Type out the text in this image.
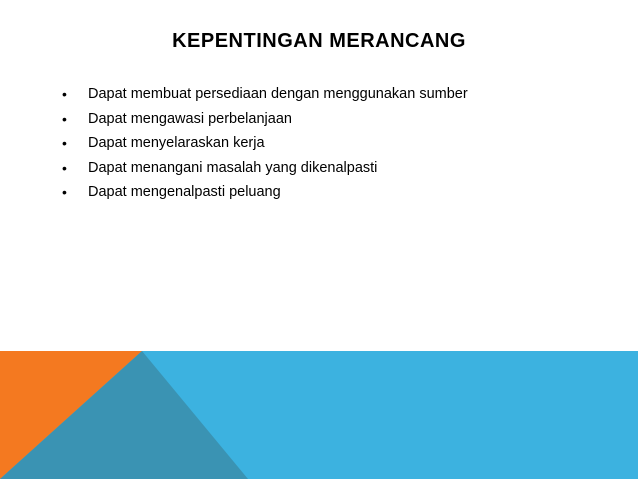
KEPENTINGAN MERANCANG
•	Dapat membuat persediaan dengan menggunakan sumber
•	Dapat mengawasi perbelanjaan
•	Dapat menyelaraskan kerja
•	Dapat menangani masalah yang dikenalpasti
•	Dapat mengenalpasti peluang
